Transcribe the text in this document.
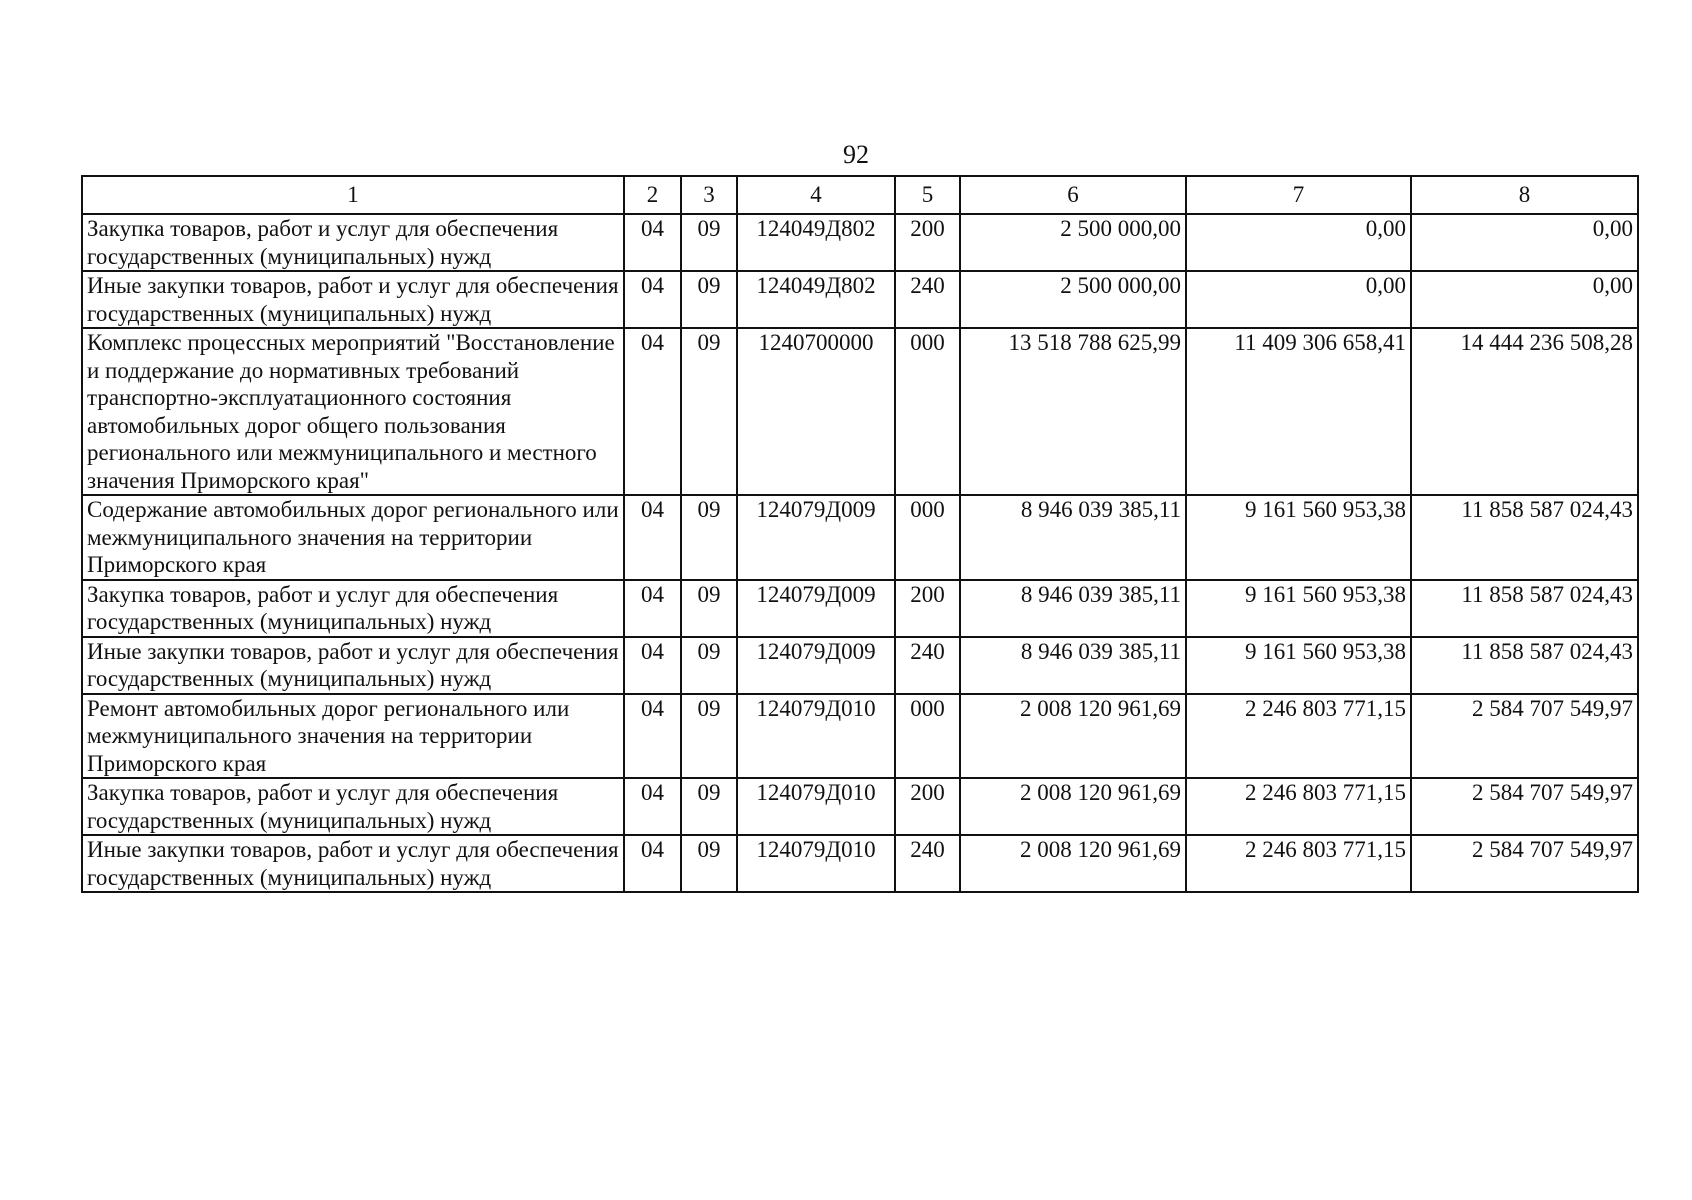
92
1	2	3	4	5	6	7	8
Закупка товаров, работ и услуг для обеспечения государственных (муниципальных) нужд	04	09	124049Д802	200	2 500 000,00	0,00	0,00
Иные закупки товаров, работ и услуг для обеспечения государственных (муниципальных) нужд	04	09	124049Д802	240	2 500 000,00	0,00	0,00
Комплекс процессных мероприятий "Восстановление и поддержание до нормативных требований транспортно-эксплуатационного состояния автомобильных дорог общего пользования регионального или межмуниципального и местного значения Приморского края"	04	09	1240700000	000	13 518 788 625,99	11 409 306 658,41	14 444 236 508,28
Содержание автомобильных дорог регионального или межмуниципального значения на территории Приморского края	04	09	124079Д009	000	8 946 039 385,11	9 161 560 953,38	11 858 587 024,43
Закупка товаров, работ и услуг для обеспечения государственных (муниципальных) нужд	04	09	124079Д009	200	8 946 039 385,11	9 161 560 953,38	11 858 587 024,43
Иные закупки товаров, работ и услуг для обеспечения государственных (муниципальных) нужд	04	09	124079Д009	240	8 946 039 385,11	9 161 560 953,38	11 858 587 024,43
Ремонт автомобильных дорог регионального или межмуниципального значения на территории Приморского края	04	09	124079Д010	000	2 008 120 961,69	2 246 803 771,15	2 584 707 549,97
Закупка товаров, работ и услуг для обеспечения государственных (муниципальных) нужд	04	09	124079Д010	200	2 008 120 961,69	2 246 803 771,15	2 584 707 549,97
Иные закупки товаров, работ и услуг для обеспечения государственных (муниципальных) нужд	04	09	124079Д010	240	2 008 120 961,69	2 246 803 771,15	2 584 707 549,97
